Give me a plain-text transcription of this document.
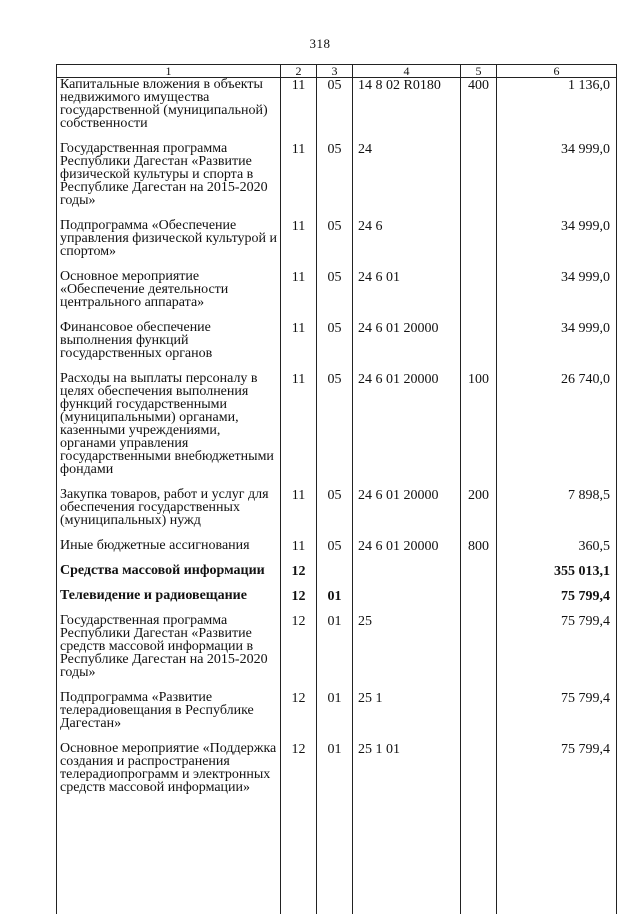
318
1	2	3	4	5	6
Капитальные вложения в объекты недвижимого имущества государственной (муниципальной) собственности	11	05	14 8 02 R0180	400	1 136,0
Государственная программа Республики Дагестан «Развитие физической культуры и спорта в Республике Дагестан на 2015-2020 годы»	11	05	24		34 999,0
Подпрограмма «Обеспечение управления физической культурой и спортом»	11	05	24 6		34 999,0
Основное мероприятие «Обеспечение деятельности центрального аппарата»	11	05	24 6 01		34 999,0
Финансовое обеспечение выполнения функций государственных органов	11	05	24 6 01 20000		34 999,0
Расходы на выплаты персоналу в целях обеспечения выполнения функций государственными (муниципальными) органами, казенными учреждениями, органами управления государственными внебюджетными фондами	11	05	24 6 01 20000	100	26 740,0
Закупка товаров, работ и услуг для обеспечения государственных (муниципальных) нужд	11	05	24 6 01 20000	200	7 898,5
Иные бюджетные ассигнования	11	05	24 6 01 20000	800	360,5
Средства массовой информации	12				355 013,1
Телевидение и радиовещание	12	01			75 799,4
Государственная программа Республики Дагестан «Развитие средств массовой информации в Республике Дагестан на 2015-2020 годы»	12	01	25		75 799,4
Подпрограмма «Развитие телерадиовещания в Республике Дагестан»	12	01	25 1		75 799,4
Основное мероприятие «Поддержка создания и распространения телерадиопрограмм и электронных средств массовой информации»	12	01	25 1 01		75 799,4
